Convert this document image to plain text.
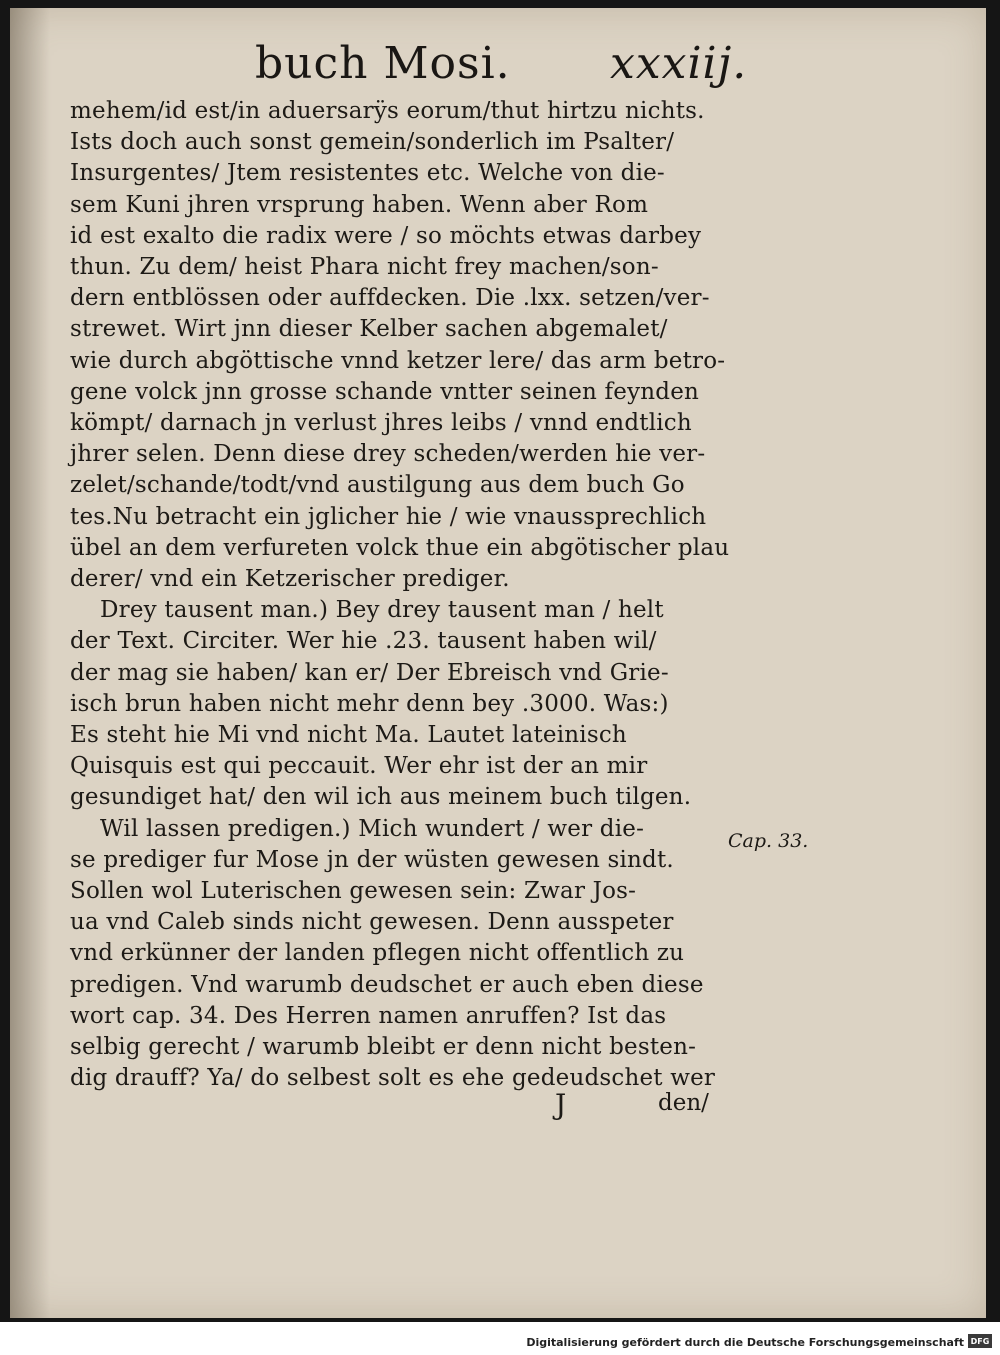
buch Mosi. xxxiij.
mehem/id est/in aduersarÿs eorum/thut hirtzu nichts.
Ists doch auch sonst gemein/sonderlich im Psalter/
Insurgentes/ Jtem resistentes etc. Welche von die-
sem Kuni jhren vrsprung haben. Wenn aber Rom
id est exalto die radix were / so möchts etwas darbey
thun. Zu dem/ heist Phara nicht frey machen/son-
dern entblössen oder auffdecken. Die .lxx. setzen/ver-
strewet. Wirt jnn dieser Kelber sachen abgemalet/
wie durch abgöttische vnnd ketzer lere/ das arm betro-
gene volck jnn grosse schande vntter seinen feynden
kömpt/ darnach jn verlust jhres leibs / vnnd endtlich
jhrer selen. Denn diese drey scheden/werden hie ver-
zelet/schande/todt/vnd austilgung aus dem buch Go
tes.Nu betracht ein jglicher hie / wie vnaussprechlich
übel an dem verfureten volck thue ein abgötischer plau
derer/ vnd ein Ketzerischer prediger.
Drey tausent man.) Bey drey tausent man / helt
der Text. Circiter. Wer hie .23. tausent haben wil/
der mag sie haben/ kan er/ Der Ebreisch vnd Grie-
isch brun haben nicht mehr denn bey .3000. Was:)
Es steht hie Mi vnd nicht Ma. Lautet lateinisch
Quisquis est qui peccauit. Wer ehr ist der an mir
gesundiget hat/ den wil ich aus meinem buch tilgen.
Wil lassen predigen.) Mich wundert / wer die-
se prediger fur Mose jn der wüsten gewesen sindt.
Sollen wol Luterischen gewesen sein: Zwar Jos-
ua vnd Caleb sinds nicht gewesen. Denn ausspeter
vnd erkünner der landen pflegen nicht offentlich zu
predigen. Vnd warumb deudschet er auch eben diese
wort cap. 34. Des Herren namen anruffen? Ist das
selbig gerecht / warumb bleibt er denn nicht besten-
dig drauff? Ya/ do selbest solt es ehe gedeudschet wer
Cap. 33.
J	den/
Digitalisierung gefördert durch die Deutsche Forschungsgemeinschaft DFG
